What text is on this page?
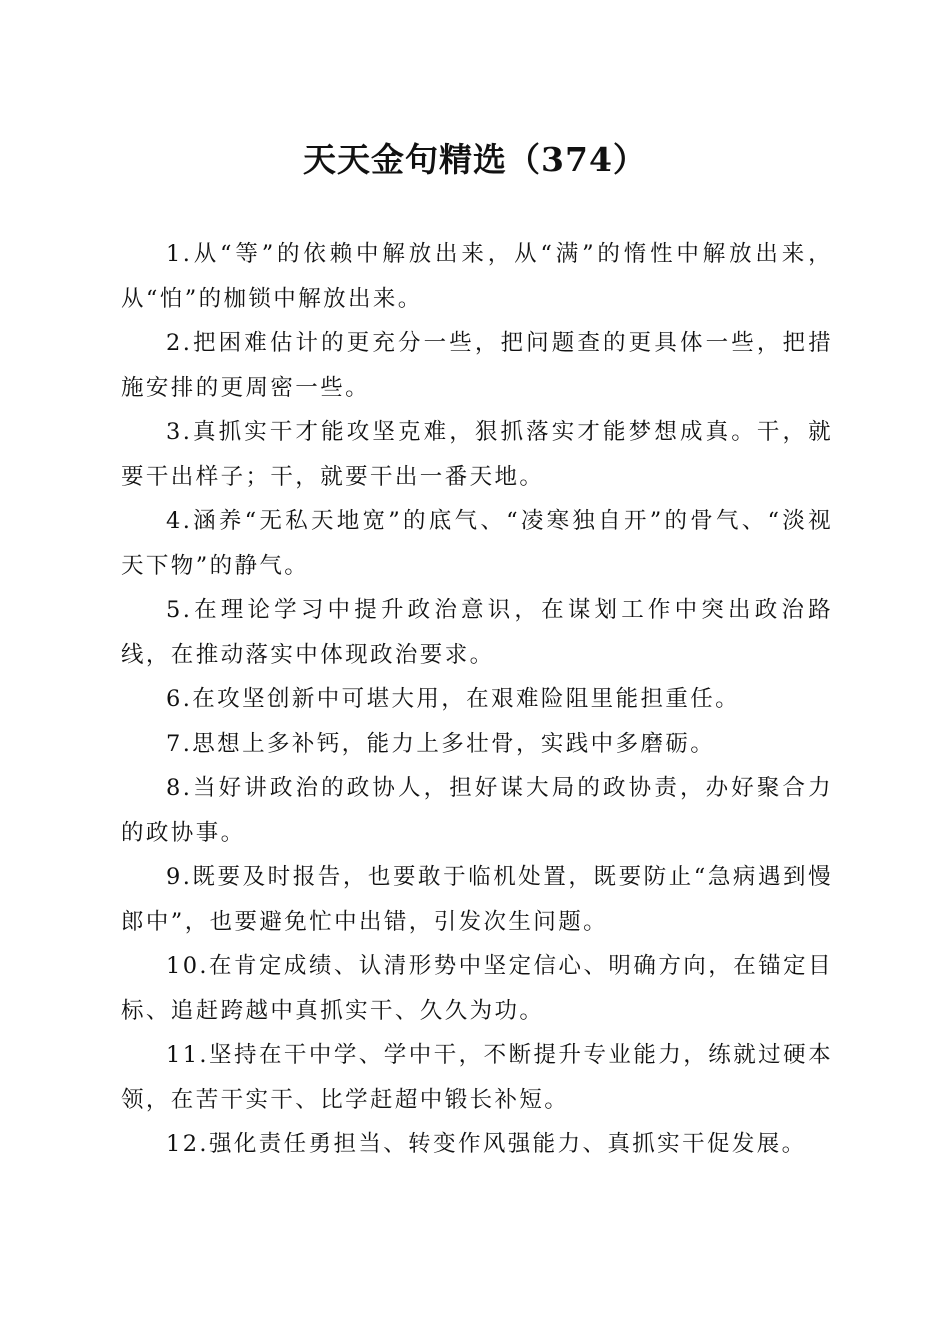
天天金句精选（374）

1.从“等”的依赖中解放出来，从“满”的惰性中解放出来，从“怕”的枷锁中解放出来。

2.把困难估计的更充分一些，把问题查的更具体一些，把措施安排的更周密一些。

3.真抓实干才能攻坚克难，狠抓落实才能梦想成真。干，就要干出样子；干，就要干出一番天地。

4.涵养“无私天地宽”的底气、“凌寒独自开”的骨气、“淡视天下物”的静气。

5.在理论学习中提升政治意识，在谋划工作中突出政治路线，在推动落实中体现政治要求。

6.在攻坚创新中可堪大用，在艰难险阻里能担重任。

7.思想上多补钙，能力上多壮骨，实践中多磨砺。

8.当好讲政治的政协人，担好谋大局的政协责，办好聚合力的政协事。

9.既要及时报告，也要敢于临机处置，既要防止“急病遇到慢郎中”，也要避免忙中出错，引发次生问题。

10.在肯定成绩、认清形势中坚定信心、明确方向，在锚定目标、追赶跨越中真抓实干、久久为功。

11.坚持在干中学、学中干，不断提升专业能力，练就过硬本领，在苦干实干、比学赶超中锻长补短。

12.强化责任勇担当、转变作风强能力、真抓实干促发展。
